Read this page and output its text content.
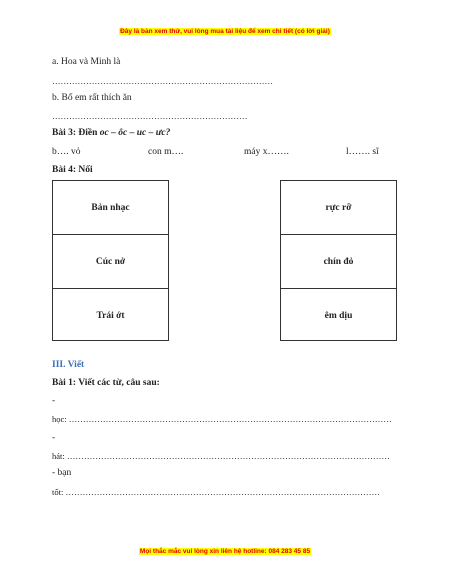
Đây là bản xem thử, vui lòng mua tài liệu để xem chi tiết (có lời giải)
a. Hoa và Minh là
……………………………………………………………………
b. Bố em rất thích ăn
……………………………………………………………
Bài 3: Điền oc – ôc – uc – ưc?
b…. vỏ	con m….	máy x…….	l……. sĩ
Bài 4: Nối
Bản nhạc
Cúc nở
Trái ớt
rực rỡ
chín đỏ
êm dịu
III. Viết
Bài 1: Viết các từ, câu sau:
-
học: ……………………………………………………………………………………………………
-
hát: ……………………………………………………………………………………………………
- bạn
tốt: …………………………………………………………………………………………………
Mọi thắc mắc vui lòng xin liên hệ hotline: 084 283 45 85
